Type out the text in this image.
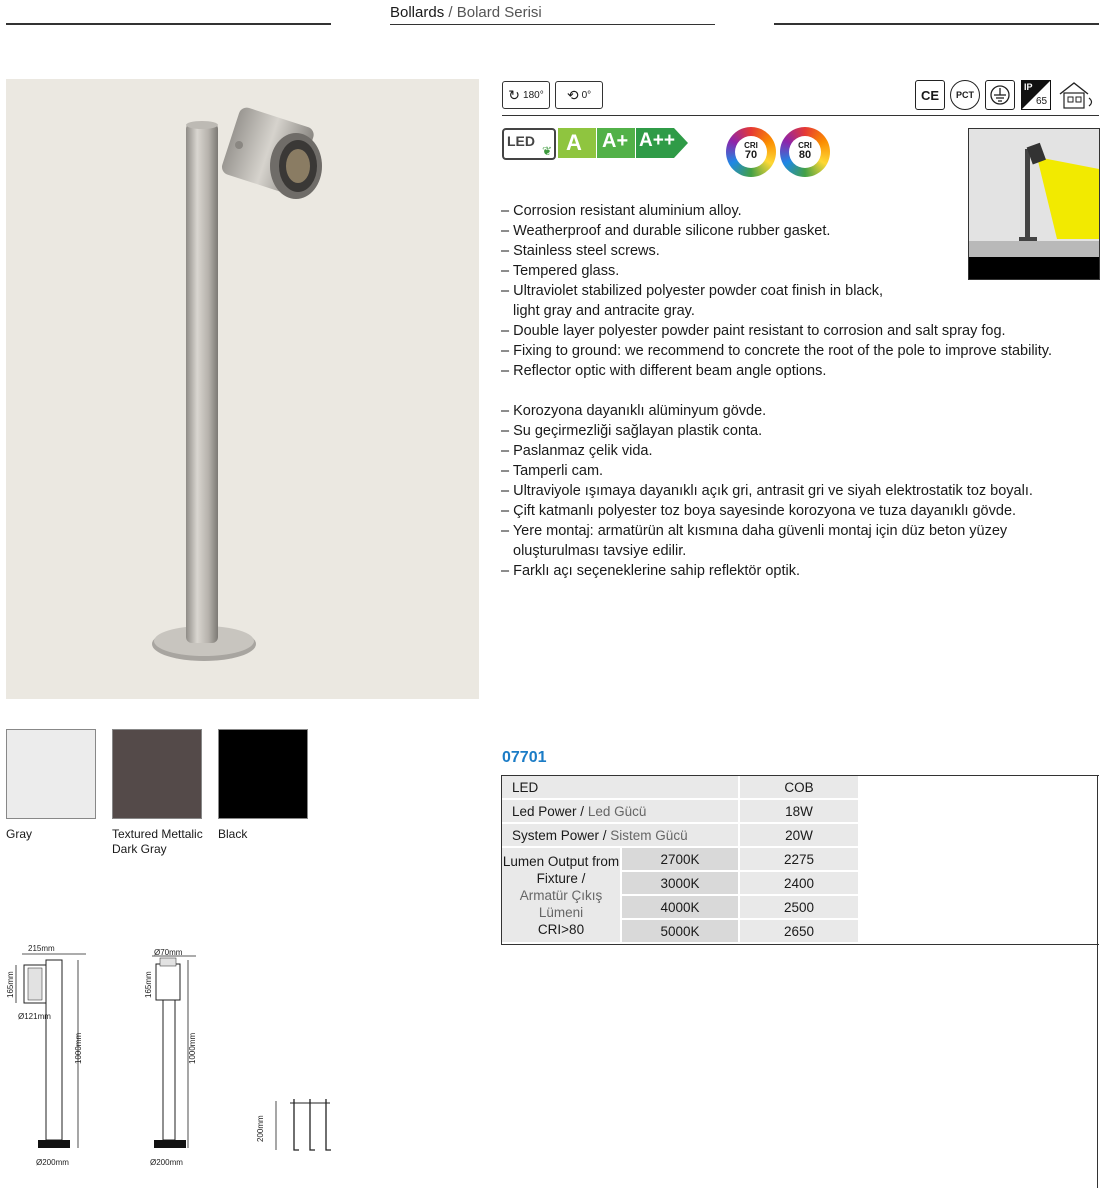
Bollards / Bolard Serisi
↻ 180° ⟲ 0°	CE	PCT
IP
65
LED
❦ A A+ A++	CRI
70
CRI
80
– Corrosion resistant aluminium alloy.
– Weatherproof and durable silicone rubber gasket.
– Stainless steel screws.
– Tempered glass.
– Ultraviolet stabilized polyester powder coat finish in black,
light gray and antracite gray.
– Double layer polyester powder paint resistant to corrosion and salt spray fog.
– Fixing to ground: we recommend to concrete the root of the pole to improve stability.
– Reflector optic with different beam angle options.
– Korozyona dayanıklı alüminyum gövde.
– Su geçirmezliği sağlayan plastik conta.
– Paslanmaz çelik vida.
– Tamperli cam.
– Ultraviyole ışımaya dayanıklı açık gri, antrasit gri ve siyah elektrostatik toz boyalı.
– Çift katmanlı polyester toz boya sayesinde korozyona ve tuza dayanıklı gövde.
– Yere montaj: armatürün alt kısmına daha güvenli montaj için düz beton yüzey
oluşturulması tavsiye edilir.
– Farklı açı seçeneklerine sahip reflektör optik.
Gray	Textured Mettalic Dark Gray
Black
07701
LED		COB
Led Power / Led Gücü		18W
System Power / Sistem Gücü		20W

Lumen Output from Fixture /
Armatür Çıkış Lümeni
CRI>80	2700K	2275
	3000K	2400
	4000K	2500
	5000K	2650
215mm
165mm
Ø121mm
1000mm
Ø200mm
Ø70mm
165mm
1000mm
Ø200mm
200mm
